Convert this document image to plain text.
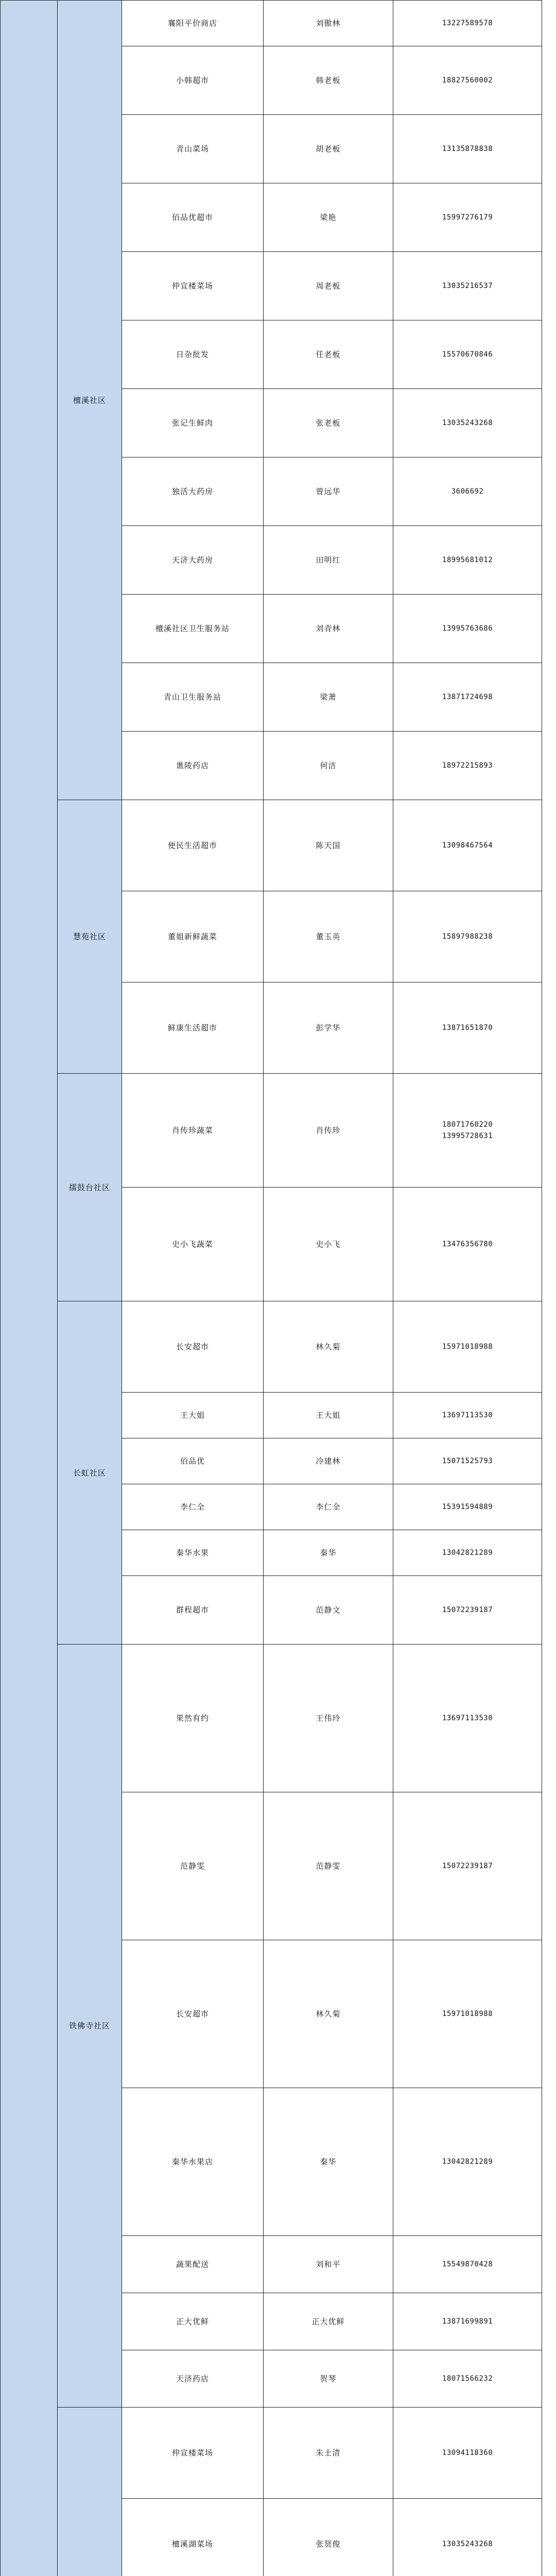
	檀溪社区	襄阳平价商店		刘傲林	13227589578	
		小韩超市		韩老板	18827560002	
		青山菜场		胡老板	13135878838	
		佰品优超市		梁艳	15997276179	
		仲宣楼菜场		周老板	13035216537	
		日杂批发		任老板	15570670846	
		张记生鲜肉		张老板	13035243268	
		独活大药房		曾远华	3606692	
		天济大药房		田明红	18995681012	
		檀溪社区卫生服务站		刘青林	13995763686	
		青山卫生服务站		梁萧	13871724698	
		谯陵药店		何洁	18972215893	
	慧苑社区	便民生活超市		陈天国	13098467564	
		董姐新鲜蔬菜		董玉英	15897988238	
		鲜康生活超市		彭学华	13871651870	
	擂鼓台社区	肖传珍蔬菜		肖传珍	18071760220
13995728631

		史小飞蔬菜		史小飞	13476356780	
	长虹社区	长安超市		林久菊	15971018988	
		王大姐		王大姐	13697113530	
		佰品优		冷建林	15071525793	
		李仁全		李仁全	15391594889	
		秦华水果		秦华	13042821289	
		群程超市		范静文	15072239187	
	铁佛寺社区	果然有约		王伟玲	13697113530	
		范静雯		范静雯	15072239187	
		长安超市		林久菊	15971018988	
		秦华水果店		秦华	13042821289	
		蔬果配送		刘和平	15549870428	
		正大优鲜		正大优鲜	13871699891	
		天济药店		贺琴	18071566232	
	仲宣楼菜场		朱士清	13094118360	
		檀溪湖菜场		张贤俊	13035243268	
